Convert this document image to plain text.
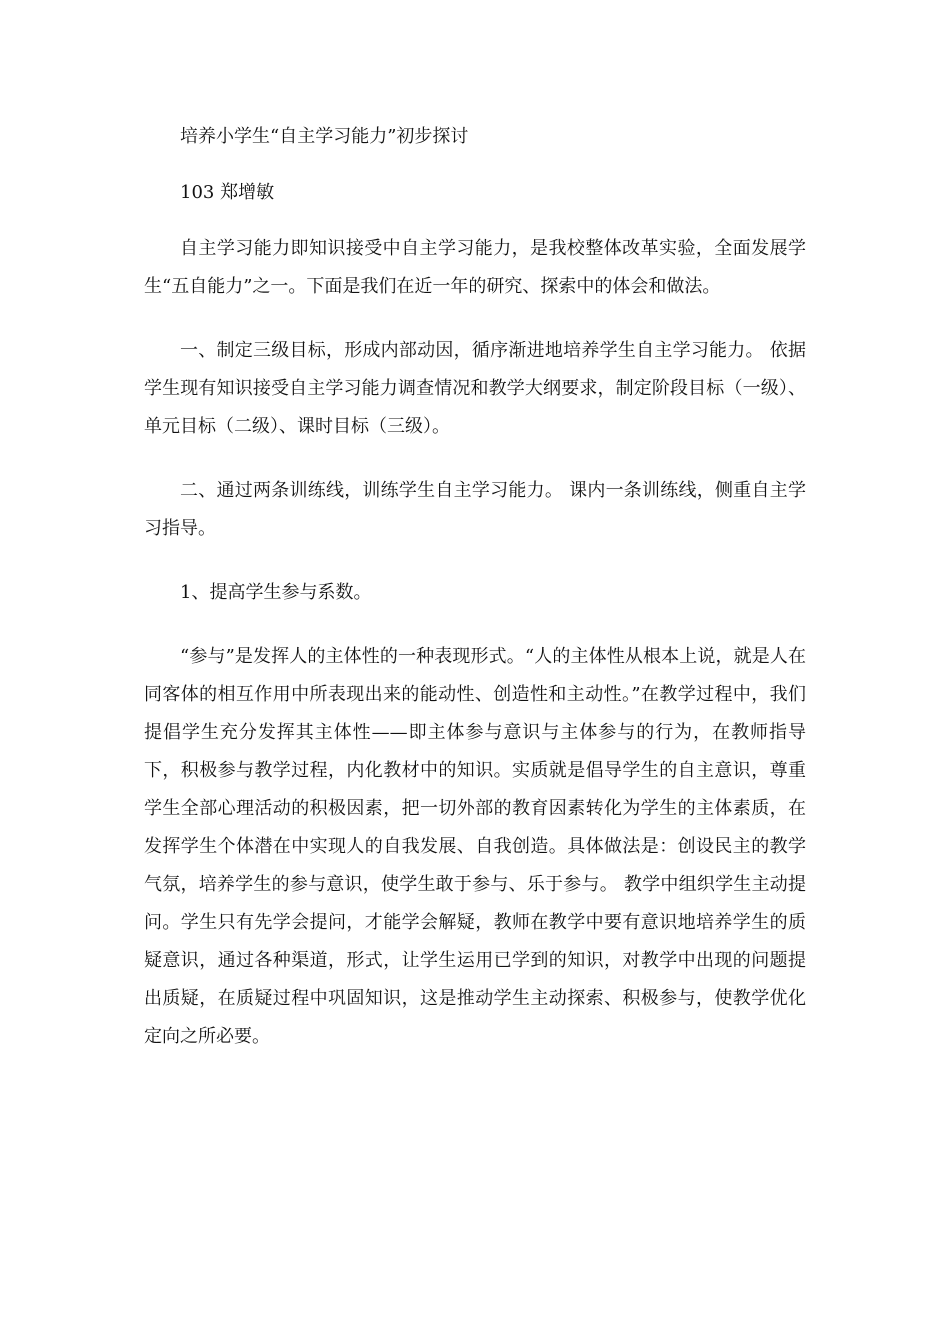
培养小学生“自主学习能力”初步探讨

103 郑增敏

自主学习能力即知识接受中自主学习能力，是我校整体改革实验，全面发展学生“五自能力”之一。下面是我们在近一年的研究、探索中的体会和做法。

一、制定三级目标，形成内部动因，循序渐进地培养学生自主学习能力。 依据学生现有知识接受自主学习能力调查情况和教学大纲要求，制定阶段目标（一级）、单元目标（二级）、课时目标（三级）。

二、通过两条训练线，训练学生自主学习能力。 课内一条训练线，侧重自主学习指导。

1、提高学生参与系数。

“参与”是发挥人的主体性的一种表现形式。“人的主体性从根本上说，就是人在同客体的相互作用中所表现出来的能动性、创造性和主动性。”在教学过程中，我们提倡学生充分发挥其主体性——即主体参与意识与主体参与的行为，在教师指导下，积极参与教学过程，内化教材中的知识。实质就是倡导学生的自主意识，尊重学生全部心理活动的积极因素，把一切外部的教育因素转化为学生的主体素质，在发挥学生个体潜在中实现人的自我发展、自我创造。具体做法是：创设民主的教学气氛，培养学生的参与意识，使学生敢于参与、乐于参与。 教学中组织学生主动提问。学生只有先学会提问，才能学会解疑，教师在教学中要有意识地培养学生的质疑意识，通过各种渠道，形式，让学生运用已学到的知识，对教学中出现的问题提出质疑，在质疑过程中巩固知识，这是推动学生主动探索、积极参与，使教学优化定向之所必要。
